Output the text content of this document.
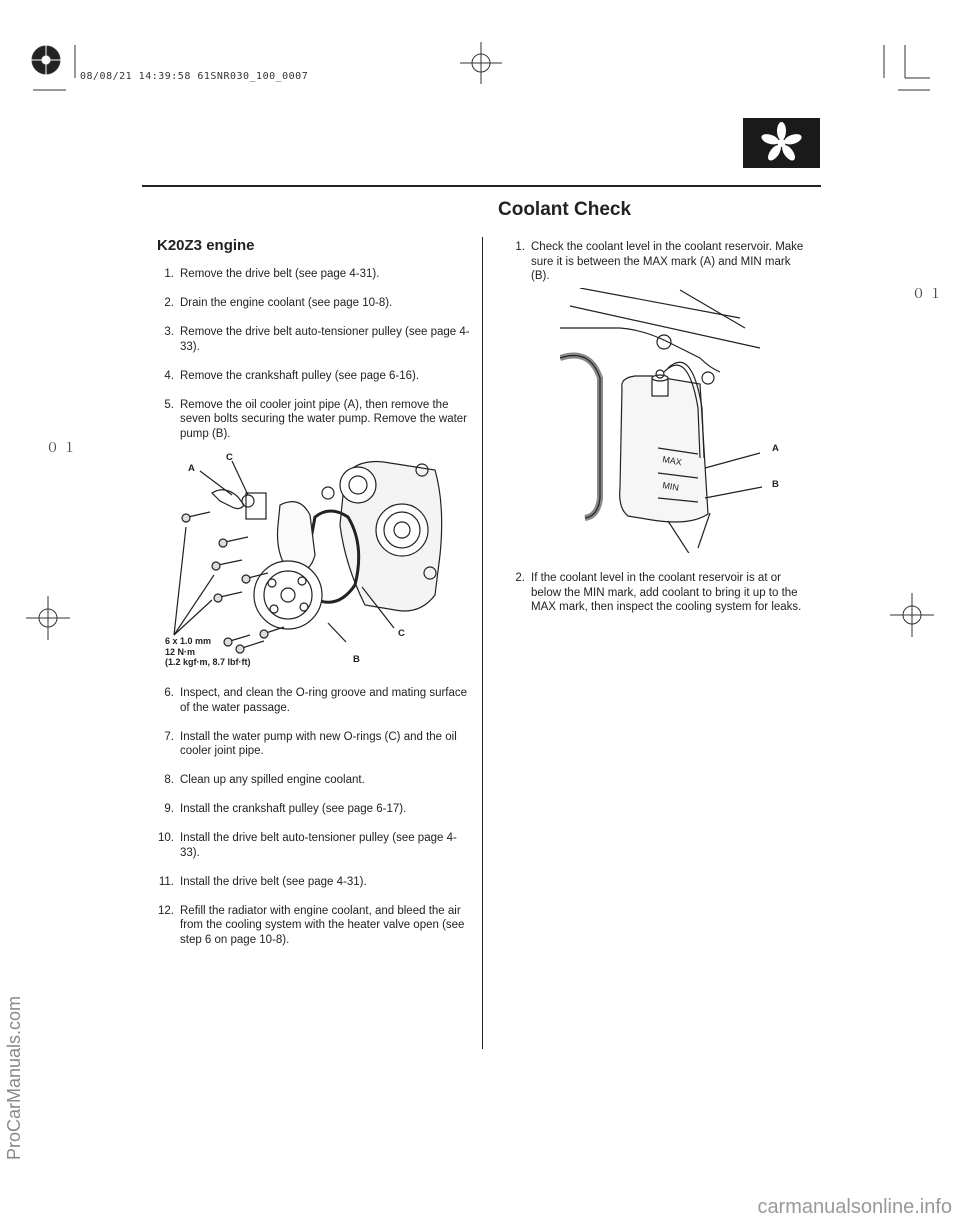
08/08/21 14:39:58 61SNR030_100_0007
Coolant Check
０１
０１
K20Z3 engine
1. Remove the drive belt (see page 4-31).
2. Drain the engine coolant (see page 10-8).
3. Remove the drive belt auto-tensioner pulley (see page 4-33).
4. Remove the crankshaft pulley (see page 6-16).
5. Remove the oil cooler joint pipe (A), then remove the seven bolts securing the water pump. Remove the water pump (B).
A
C
C
B
6 x 1.0 mm
12 N·m
(1.2 kgf·m, 8.7 lbf·ft)
6. Inspect, and clean the O-ring groove and mating surface of the water passage.
7. Install the water pump with new O-rings (C) and the oil cooler joint pipe.
8. Clean up any spilled engine coolant.
9. Install the crankshaft pulley (see page 6-17).
10. Install the drive belt auto-tensioner pulley (see page 4-33).
11. Install the drive belt (see page 4-31).
12. Refill the radiator with engine coolant, and bleed the air from the cooling system with the heater valve open (see step 6 on page 10-8).
1. Check the coolant level in the coolant reservoir. Make sure it is between the MAX mark (A) and MIN mark (B).
MAX
MIN
A
B
2. If the coolant level in the coolant reservoir is at or below the MIN mark, add coolant to bring it up to the MAX mark, then inspect the cooling system for leaks.
ProCarManuals.com
carmanualsonline.info
